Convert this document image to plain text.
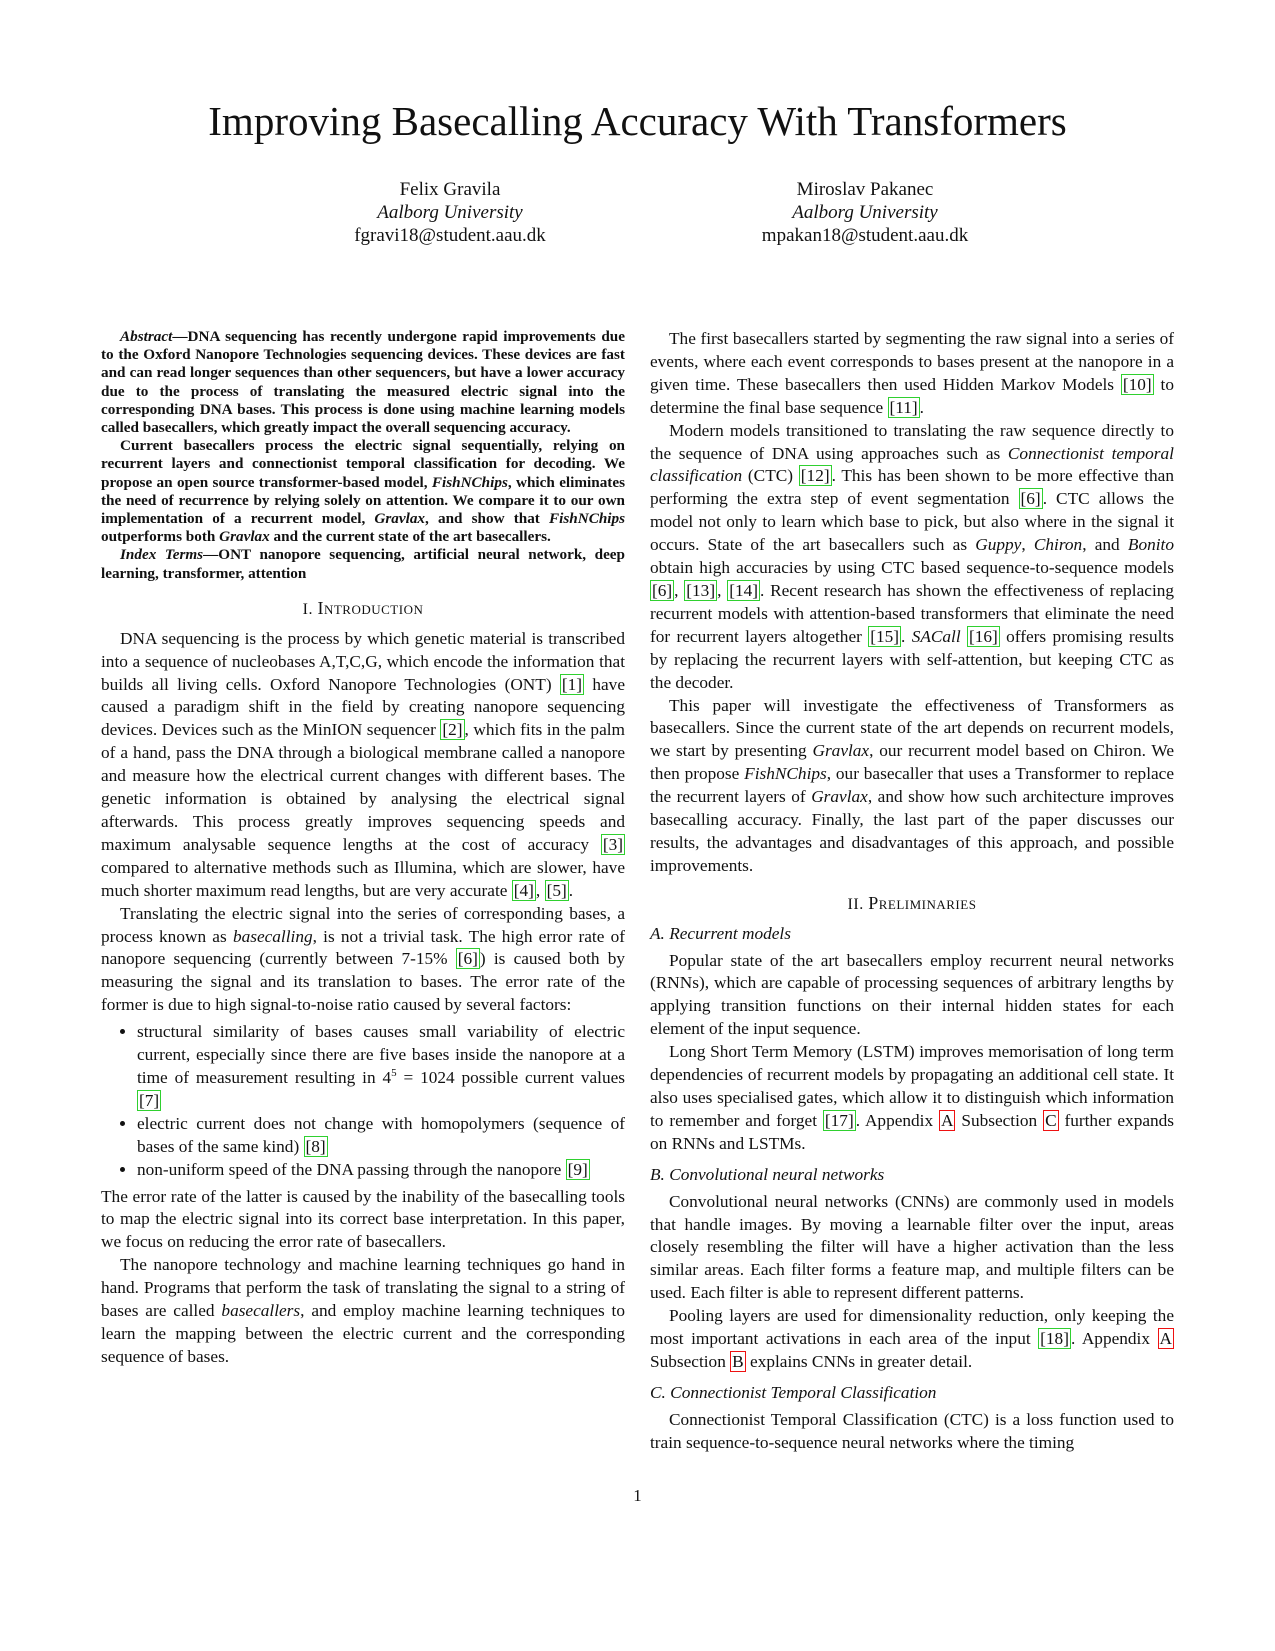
Improving Basecalling Accuracy With Transformers
Felix Gravila
Aalborg University
fgravi18@student.aau.dk
Miroslav Pakanec
Aalborg University
mpakan18@student.aau.dk

Abstract—DNA sequencing has recently undergone rapid improvements due to the Oxford Nanopore Technologies sequencing devices. These devices are fast and can read longer sequences than other sequencers, but have a lower accuracy due to the process of translating the measured electric signal into the corresponding DNA bases. This process is done using machine learning models called basecallers, which greatly impact the overall sequencing accuracy.

Current basecallers process the electric signal sequentially, relying on recurrent layers and connectionist temporal classification for decoding. We propose an open source transformer-based model, FishNChips, which eliminates the need of recurrence by relying solely on attention. We compare it to our own implementation of a recurrent model, Gravlax, and show that FishNChips outperforms both Gravlax and the current state of the art basecallers.

Index Terms—ONT nanopore sequencing, artificial neural network, deep learning, transformer, attention

I. Introduction

DNA sequencing is the process by which genetic material is transcribed into a sequence of nucleobases A,T,C,G, which encode the information that builds all living cells. Oxford Nanopore Technologies (ONT) [1] have caused a paradigm shift in the field by creating nanopore sequencing devices. Devices such as the MinION sequencer [2] , which fits in the palm of a hand, pass the DNA through a biological membrane called a nanopore and measure how the electrical current changes with different bases. The genetic information is obtained by analysing the electrical signal afterwards. This process greatly improves sequencing speeds and maximum analysable sequence lengths at the cost of accuracy [3] compared to alternative methods such as Illumina, which are slower, have much shorter maximum read lengths, but are very accurate [4] , [5] .

Translating the electric signal into the series of corresponding bases, a process known as basecalling, is not a trivial task. The high error rate of nanopore sequencing (currently between 7-15% [6] ) is caused both by measuring the signal and its translation to bases. The error rate of the former is due to high signal-to-noise ratio caused by several factors:

• structural similarity of bases causes small variability of electric current, especially since there are five bases inside the nanopore at a time of measurement resulting in $4^5 = 1024$ possible current values [7]
• electric current does not change with homopolymers (sequence of bases of the same kind) [8]
• non-uniform speed of the DNA passing through the nanopore [9]

The error rate of the latter is caused by the inability of the basecalling tools to map the electric signal into its correct base interpretation. In this paper, we focus on reducing the error rate of basecallers.

The nanopore technology and machine learning techniques go hand in hand. Programs that perform the task of translating the signal to a string of bases are called basecallers, and employ machine learning techniques to learn the mapping between the electric current and the corresponding sequence of bases.

The first basecallers started by segmenting the raw signal into a series of events, where each event corresponds to bases present at the nanopore in a given time. These basecallers then used Hidden Markov Models [10] to determine the final base sequence [11] .

Modern models transitioned to translating the raw sequence directly to the sequence of DNA using approaches such as Connectionist temporal classification (CTC) [12] . This has been shown to be more effective than performing the extra step of event segmentation [6] . CTC allows the model not only to learn which base to pick, but also where in the signal it occurs. State of the art basecallers such as Guppy, Chiron, and Bonito obtain high accuracies by using CTC based sequence-to-sequence models [6] , [13] , [14] . Recent research has shown the effectiveness of replacing recurrent models with attention-based transformers that eliminate the need for recurrent layers altogether [15] . SACall [16] offers promising results by replacing the recurrent layers with self-attention, but keeping CTC as the decoder.

This paper will investigate the effectiveness of Transformers as basecallers. Since the current state of the art depends on recurrent models, we start by presenting Gravlax, our recurrent model based on Chiron. We then propose FishNChips, our basecaller that uses a Transformer to replace the recurrent layers of Gravlax, and show how such architecture improves basecalling accuracy. Finally, the last part of the paper discusses our results, the advantages and disadvantages of this approach, and possible improvements.

II. Preliminaries
A. Recurrent models

Popular state of the art basecallers employ recurrent neural networks (RNNs), which are capable of processing sequences of arbitrary lengths by applying transition functions on their internal hidden states for each element of the input sequence.

Long Short Term Memory (LSTM) improves memorisation of long term dependencies of recurrent models by propagating an additional cell state. It also uses specialised gates, which allow it to distinguish which information to remember and forget [17] . Appendix A Subsection C further expands on RNNs and LSTMs.

B. Convolutional neural networks

Convolutional neural networks (CNNs) are commonly used in models that handle images. By moving a learnable filter over the input, areas closely resembling the filter will have a higher activation than the less similar areas. Each filter forms a feature map, and multiple filters can be used. Each filter is able to represent different patterns.

Pooling layers are used for dimensionality reduction, only keeping the most important activations in each area of the input [18] . Appendix A Subsection B explains CNNs in greater detail.

C. Connectionist Temporal Classification

Connectionist Temporal Classification (CTC) is a loss function used to train sequence-to-sequence neural networks where the timing

1
